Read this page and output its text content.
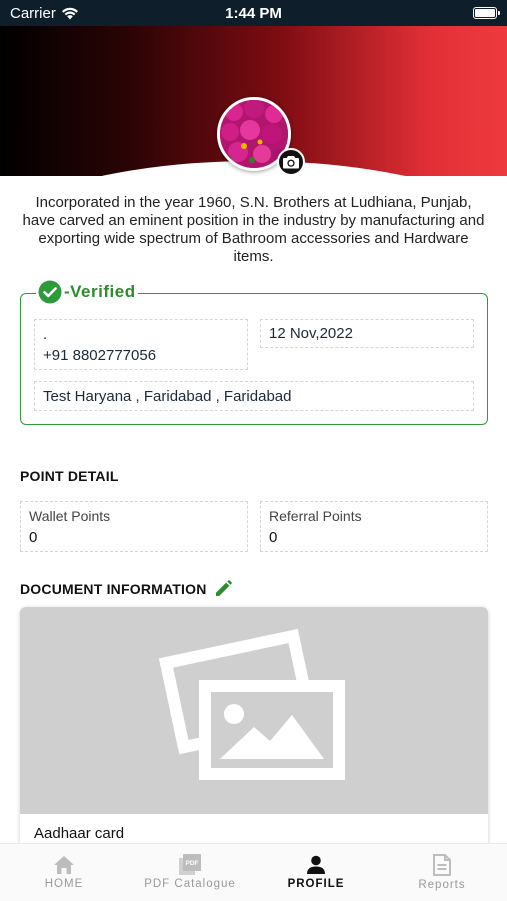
Carrier	1:44 PM
Incorporated in the year 1960, S.N. Brothers at Ludhiana, Punjab, have carved an eminent position in the industry by manufacturing and exporting wide spectrum of Bathroom accessories and Hardware items.
-Verified
.
+91 8802777056
12 Nov,2022
Test Haryana , Faridabad , Faridabad
POINT DETAIL
Wallet Points
0
Referral Points
0
DOCUMENT INFORMATION
Aadhaar card
HOME
PDF
PDF Catalogue	PROFILE	Reports
